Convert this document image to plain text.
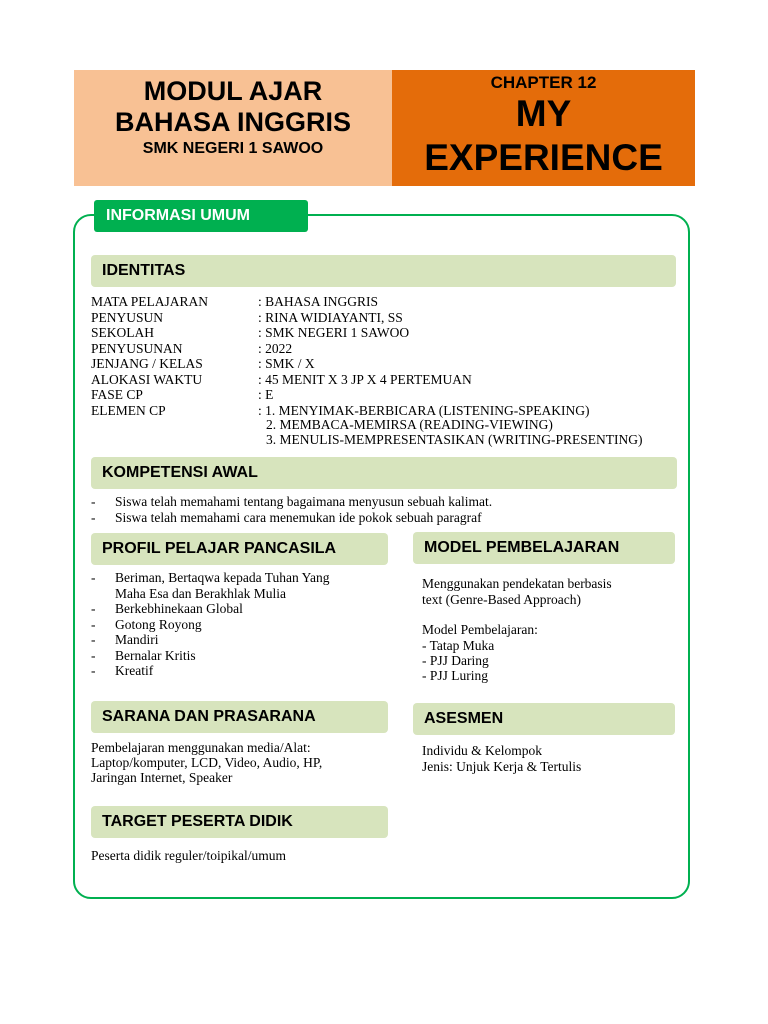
MODUL AJAR
BAHASA INGGRIS
SMK NEGERI 1 SAWOO
CHAPTER 12
MY
EXPERIENCE
INFORMASI UMUM
IDENTITAS
MATA PELAJARAN	: BAHASA INGGRIS
PENYUSUN	: RINA WIDIAYANTI, SS
SEKOLAH	: SMK NEGERI 1 SAWOO
PENYUSUNAN	: 2022
JENJANG / KELAS	: SMK / X
ALOKASI WAKTU	: 45 MENIT X 3 JP X 4 PERTEMUAN
FASE CP	: E
ELEMEN CP	: 1. MENYIMAK-BERBICARA (LISTENING-SPEAKING)
2. MEMBACA-MEMIRSA (READING-VIEWING)
3. MENULIS-MEMPRESENTASIKAN (WRITING-PRESENTING)
KOMPETENSI AWAL
- Siswa telah memahami tentang bagaimana menyusun sebuah kalimat.
- Siswa telah memahami cara menemukan ide pokok sebuah paragraf
PROFIL PELAJAR PANCASILA
- Beriman, Bertaqwa kepada Tuhan Yang
Maha Esa dan Berakhlak Mulia
- Berkebhinekaan Global
- Gotong Royong
- Mandiri
- Bernalar Kritis
- Kreatif
MODEL PEMBELAJARAN
Menggunakan pendekatan berbasis
text (Genre-Based Approach)
Model Pembelajaran:
- Tatap Muka
- PJJ Daring
- PJJ Luring
SARANA DAN PRASARANA
Pembelajaran menggunakan media/Alat:
Laptop/komputer, LCD, Video, Audio, HP,
Jaringan Internet, Speaker
ASESMEN
Individu & Kelompok
Jenis: Unjuk Kerja & Tertulis
TARGET PESERTA DIDIK
Peserta didik reguler/toipikal/umum
